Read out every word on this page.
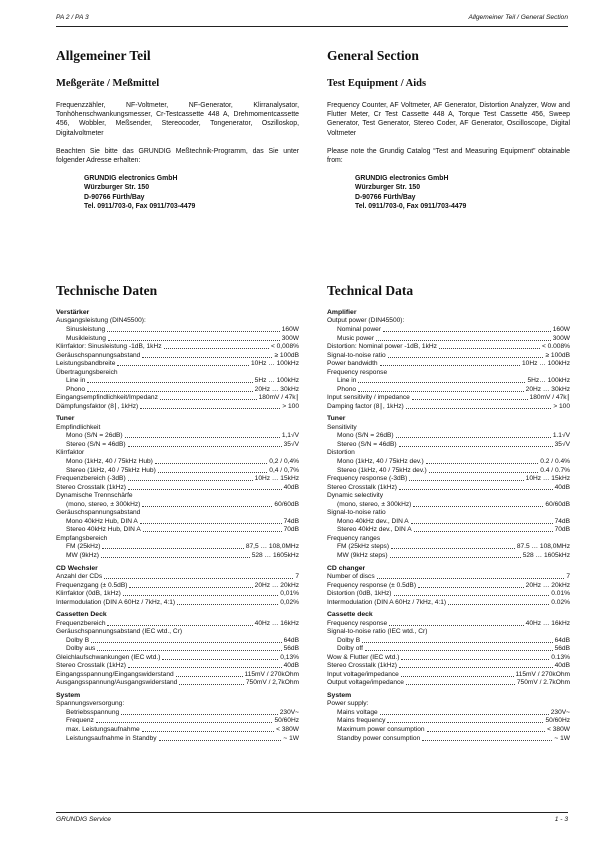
PA 2 / PA 3	Allgemeiner Teil / General Section
Allgemeiner Teil
Meßgeräte / Meßmittel
Frequenzzähler, NF-Voltmeter, NF-Generator, Klirranalysator, Tonhöhenschwankungsmesser, Cr-Testcassette 448 A, Drehmomentcassette 456, Wobbler, Meßsender, Stereocoder, Tongenerator, Oszilloskop, Digitalvoltmeter
Beachten Sie bitte das GRUNDIG Meßtechnik-Programm, das Sie unter folgender Adresse erhalten:
GRUNDIG electronics GmbH
Würzburger Str. 150
D-90766 Fürth/Bay
Tel. 0911/703-0, Fax 0911/703-4479
General Section
Test Equipment / Aids
Frequency Counter, AF Voltmeter, AF Generator, Distortion Analyzer, Wow and Flutter Meter, Cr Test Cassette 448 A, Torque Test Cassette 456, Sweep Generator, Test Generator, Stereo Coder, AF Generator, Oscilloscope, Digital Voltmeter
Please note the Grundig Catalog “Test and Measuring Equipment” obtainable from:
GRUNDIG electronics GmbH
Würzburger Str. 150
D-90766 Fürth/Bay
Tel. 0911/703-0, Fax 0911/703-4479
Technische Daten
Verstärker
Ausgangsleistung (DIN45500):
Sinusleistung	160W
Musikleistung	300W
Klirrfaktor: Sinusleistung -1dB, 1kHz	˂ 0,008%
Geräuschspannungsabstand	≥ 100dB
Leistungsbandbreite	10Hz … 100kHz
Übertragungsbereich
Line in	5Hz … 100kHz
Phono	20Hz … 30kHz
Eingangsempfindlichkeit/Impedanz	180mV / 47k⎮
Dämpfungsfaktor (8⎮, 1kHz)	> 100
Tuner
Empfindlichkeit
Mono (S/N = 26dB)	1,1√V
Stereo (S/N = 46dB)	35√V
Klirrfaktor
Mono (1kHz, 40 / 75kHz Hub)	0,2 / 0,4%
Stereo (1kHz, 40 / 75kHz Hub)	0,4 / 0,7%
Frequenzbereich (-3dB)	10Hz … 15kHz
Stereo Crosstalk (1kHz)	40dB
Dynamische Trennschärfe
(mono, stereo, ± 300kHz)	60/60dB
Geräuschspannungsabstand
Mono 40kHz Hub, DIN A	74dB
Stereo 40kHz Hub, DIN A	70dB
Empfangsbereich
FM (25kHz)	87,5 … 108,0MHz
MW (9kHz)	528 … 1605kHz
CD Wechsler
Anzahl der CDs	7
Frequenzgang (± 0.5dB)	20Hz … 20kHz
Klirrfaktor (0dB, 1kHz)	0,01%
Intermodulation (DIN A 60Hz / 7kHz, 4:1)	0,02%
Cassetten Deck
Frequenzbereich	40Hz … 16kHz
Geräuschspannungsabstand (IEC wtd., Cr)
Dolby B	64dB
Dolby aus	56dB
Gleichlaufschwankungen (IEC wtd.)	0,13%
Stereo Crosstalk (1kHz)	40dB
Eingangsspannung/Eingangswiderstand	115mV / 270kOhm
Ausgangsspannung/Ausgangswiderstand	750mV / 2,7kOhm
System
Spannungsversorgung:
Betriebsspannung	230V~
Frequenz	50/60Hz
max. Leistungsaufnahme	< 380W
Leistungsaufnahme in Standby	~ 1W
Technical Data
Amplifier
Output power (DIN45500):
Nominal power	160W
Music power	300W
Distortion: Nominal power -1dB, 1kHz	˂ 0.008%
Signal-to-noise ratio	≥ 100dB
Power bandwidth	10Hz … 100kHz
Frequency response
Line in	5Hz… 100kHz
Phono	20Hz … 30kHz
Input sensitivity / impedance	180mV / 47k⎮
Damping factor (8⎮, 1kHz)	> 100
Tuner
Sensitivity
Mono (S/N = 26dB)	1.1√V
Stereo (S/N = 46dB)	35√V
Distortion
Mono (1kHz, 40 / 75kHz dev.)	0.2 / 0.4%
Stereo (1kHz, 40 / 75kHz dev.)	0.4 / 0.7%
Frequency response (-3dB)	10Hz … 15kHz
Stereo Crosstalk (1kHz)	40dB
Dynamic selectivity
(mono, stereo, ± 300kHz)	60/60dB
Signal-to-noise ratio
Mono 40kHz dev., DIN A	74dB
Stereo 40kHz dev., DIN A	70dB
Frequency ranges
FM (25kHz steps)	87.5 … 108,0MHz
MW (9kHz steps)	528 … 1605kHz
CD changer
Number of discs	7
Frequency response (± 0.5dB)	20Hz … 20kHz
Distortion (0dB, 1kHz)	0.01%
Intermodulation (DIN A 60Hz / 7kHz, 4:1)	0.02%
Cassette deck
Frequency response	40Hz … 16kHz
Signal-to-noise ratio (IEC wtd., Cr)
Dolby B	64dB
Dolby off	56dB
Wow & Flutter (IEC wtd.)	0.13%
Stereo Crosstalk (1kHz)	40dB
Input voltage/impedance	115mV / 270kOhm
Output voltage/impedance	750mV / 2.7kOhm
System
Power supply:
Mains voltage	230V~
Mains frequency	50/60Hz
Maximum power consumption	< 380W
Standby power consumption	~ 1W
GRUNDIG Service	1 - 3
